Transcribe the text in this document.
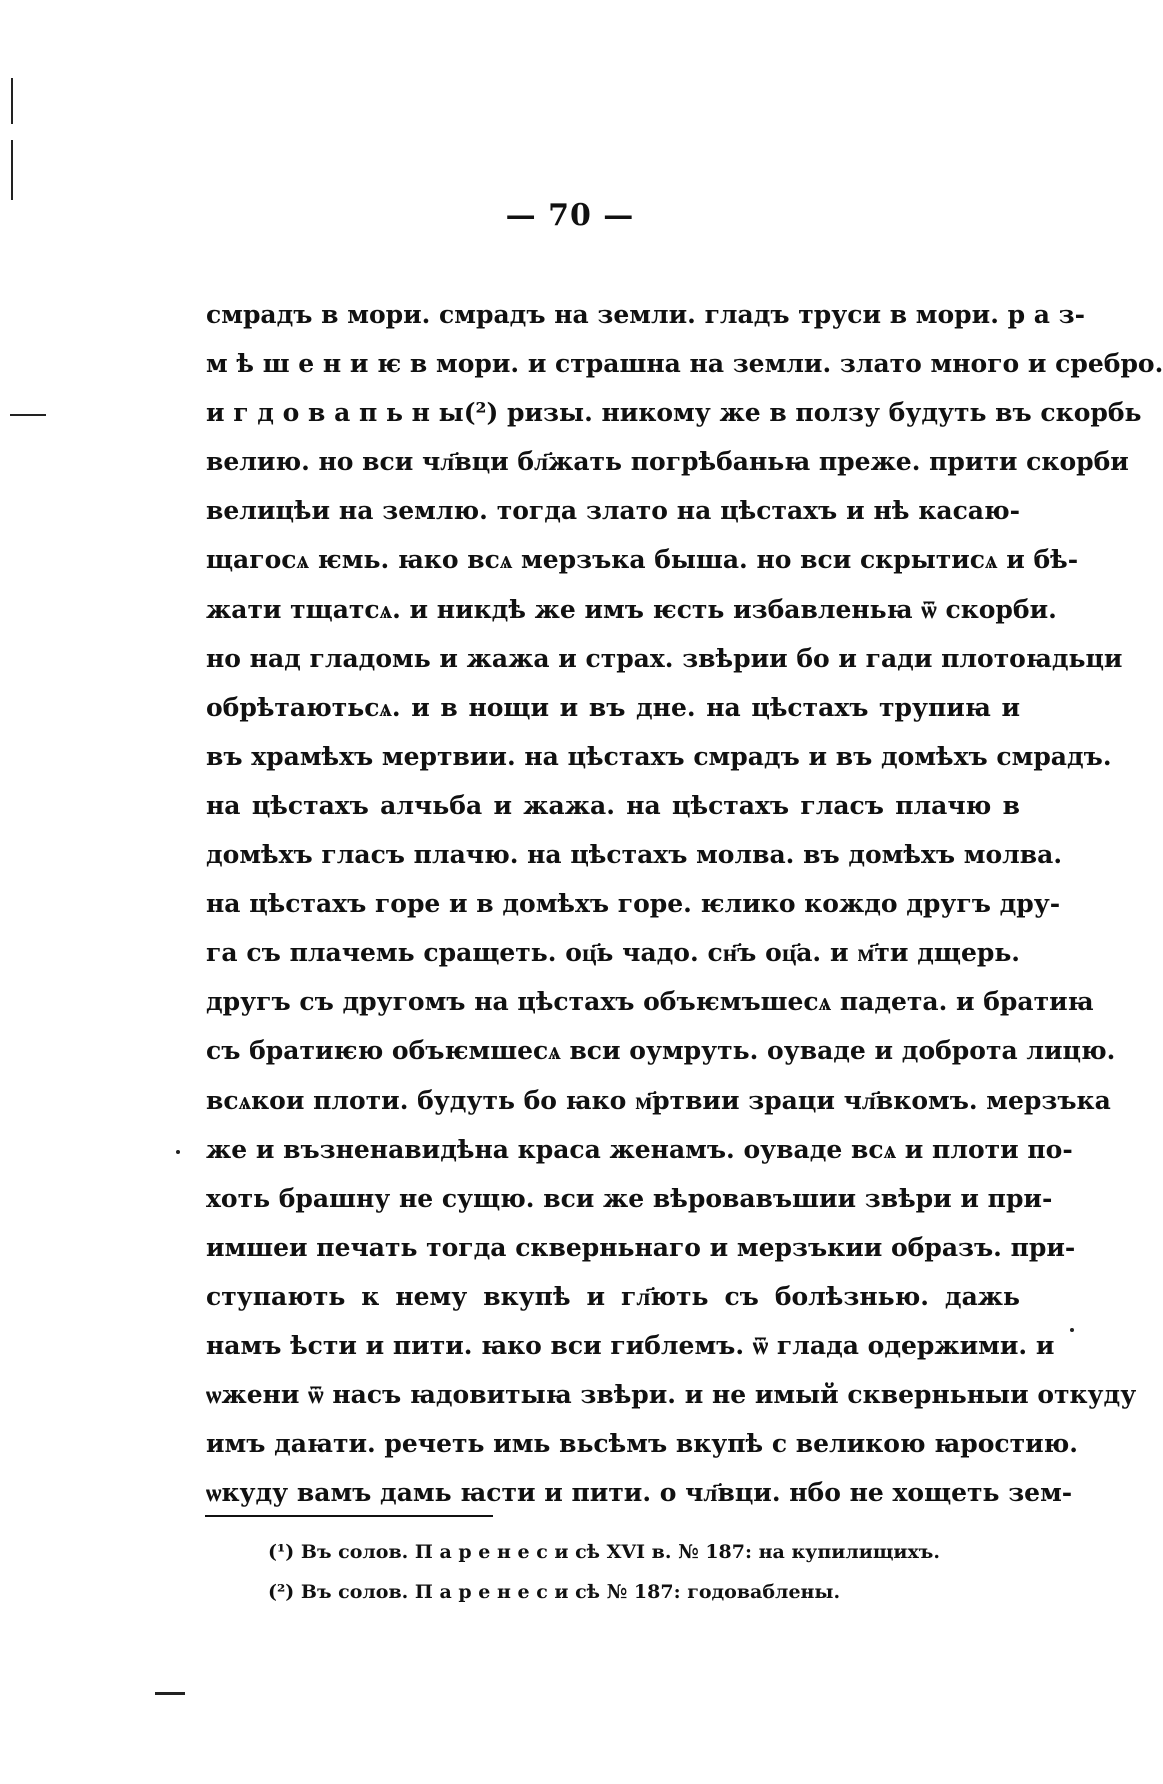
— 70 —
смрадъ в мори. смрадъ на земли. гладъ труси в мори. р а з-
м ѣ ш е н и ѥ в мори. и страшна на земли. злато много и сребро.
и г д о в а п ь н ы(²) ризы. никому же в ползу будуть въ скорбь
велию. но вси чл҃вци бл҃жать погрѣбаньꙗ преже. прити скорби
велицѣи на землю. тогда злато на цѣстахъ и нѣ касаю-
щагосѧ ѥмь. ꙗко всѧ мерзъка быша. но вси скрытисѧ и бѣ-
жати тщатсѧ. и никдѣ же имъ ѥсть избавленьꙗ ѿ скорби.
но над гладомь и жажа и страх. звѣрии бо и гади плотоꙗдьци
обрѣтаютьсѧ. и в нощи и въ дне. на цѣстахъ трупиꙗ и
въ храмѣхъ мертвии. на цѣстахъ смрадъ и въ домѣхъ смрадъ.
на цѣстахъ алчьба и жажа. на цѣстахъ гласъ плачю в
домѣхъ гласъ плачю. на цѣстахъ молва. въ домѣхъ молва.
на цѣстахъ горе и в домѣхъ горе. ѥлико кождо другъ дру-
га съ плачемь сращеть. оц҃ь чадо. сн҃ъ оц҃а. и м҃ти дщерь.
другъ съ другомъ на цѣстахъ объѥмъшесѧ падета. и братиꙗ
съ братиѥю объѥмшесѧ вси оумруть. оуваде и доброта лицю.
всѧкои плоти. будуть бо ꙗко м҃ртвии зраци чл҃вкомъ. мерзъка
же и възненавидѣна краса женамъ. оуваде всѧ и плоти по-
хоть брашну не сущю. вси же вѣровавъшии звѣри и при-
имшеи печать тогда скверньнаго и мерзъкии образъ. при-
ступають к нему вкупѣ и гл҃ють съ болѣзнью. дажь
намъ ѣсти и пити. ꙗко вси гиблемъ. ѿ глада одержими. и
ѡжени ѿ насъ ꙗдовитыꙗ звѣри. и не имый скверньныи откуду
имъ даꙗти. речеть имь вьсѣмъ вкупѣ с великою ꙗростию.
ѡкуду вамъ дамь ꙗсти и пити. о чл҃вци. нбо не хощеть зем-
(¹) Въ солов. П а р е н е с и сѣ XVI в. № 187: на купилищихъ.
(²) Въ солов. П а р е н е с и сѣ № 187: годоваблены.
